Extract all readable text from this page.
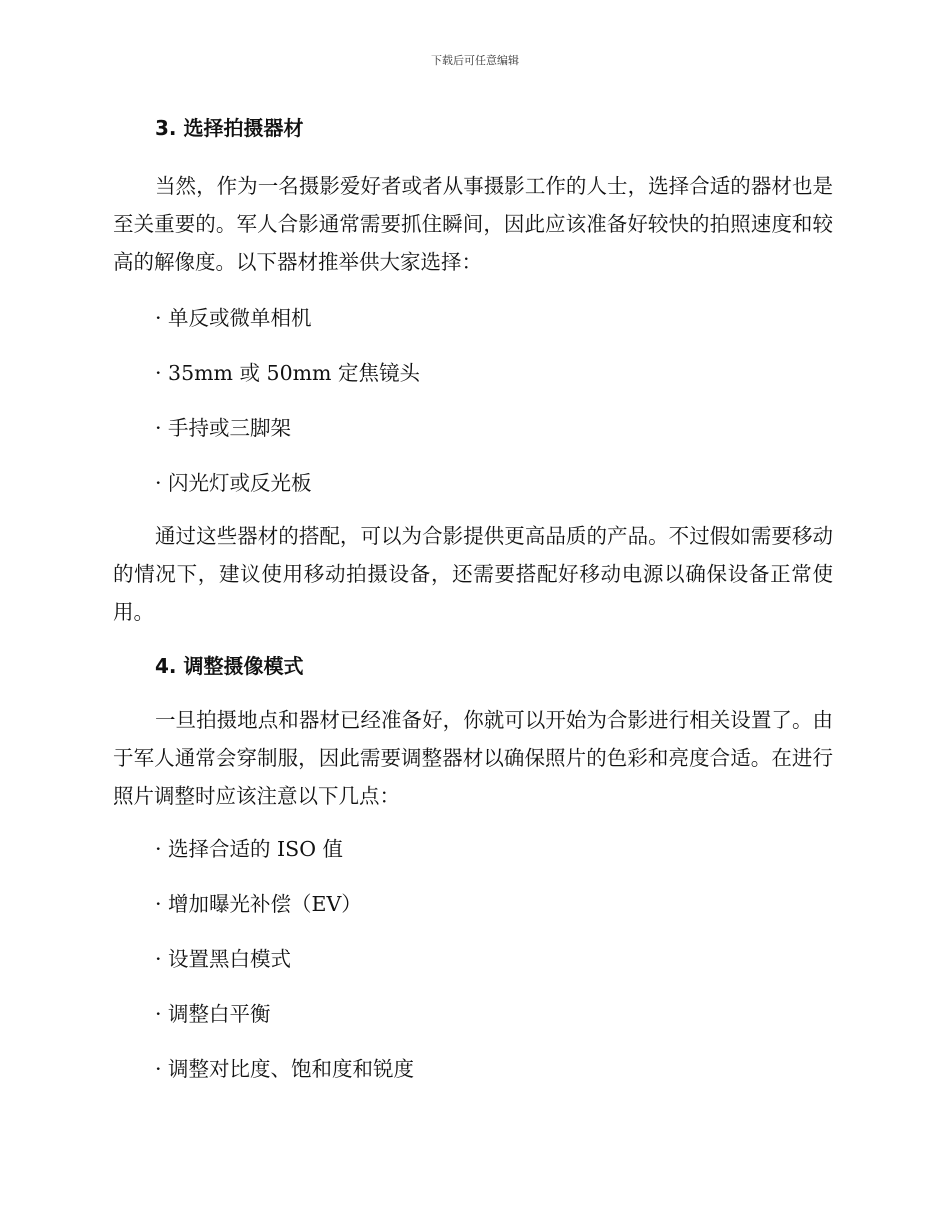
下载后可任意编辑
3. 选择拍摄器材
当然，作为一名摄影爱好者或者从事摄影工作的人士，选择合适的器材也是至关重要的。军人合影通常需要抓住瞬间，因此应该准备好较快的拍照速度和较高的解像度。以下器材推举供大家选择：
· 单反或微单相机
· 35mm 或 50mm 定焦镜头
· 手持或三脚架
· 闪光灯或反光板
通过这些器材的搭配，可以为合影提供更高品质的产品。不过假如需要移动的情况下，建议使用移动拍摄设备，还需要搭配好移动电源以确保设备正常使用。
4. 调整摄像模式
一旦拍摄地点和器材已经准备好，你就可以开始为合影进行相关设置了。由于军人通常会穿制服，因此需要调整器材以确保照片的色彩和亮度合适。在进行照片调整时应该注意以下几点：
· 选择合适的 ISO 值
· 增加曝光补偿（EV）
· 设置黑白模式
· 调整白平衡
· 调整对比度、饱和度和锐度
